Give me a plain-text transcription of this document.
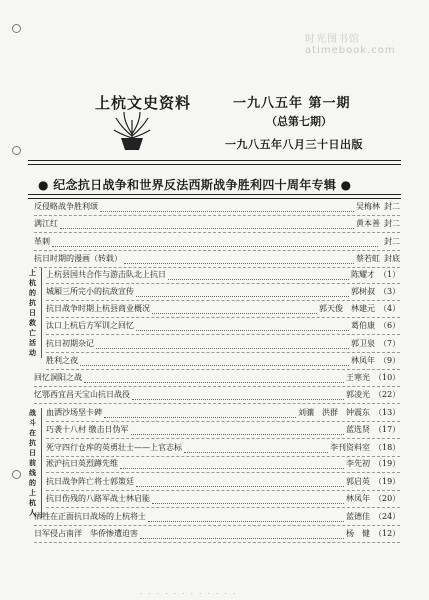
时光图书馆 atimebook.com
上杭文史资料	一九八五年 第一期
（总第七期）
一九八五年八月三十日出版
● 纪念抗日战争和世界反法西斯战争胜利四十周年专辑 ●
上
杭
的
抗
日
救
亡
活
动
战
斗
在
抗
日
前
线
的
上
杭
人
反侵略战争胜利颂	吴梅林 封二
满江红	黄本善 封二
革刺	封二
抗日时期的漫画（转载）	蔡若虹 封底
上杭县国共合作与游击队北上抗日	陈耀才 （1）
城厢三所完小的抗敌宣传	郭树叔 （3）
抗日战争时期上杭县商业概况	郭天俊　林建元 （4）
汰口上杭后方军训之回忆	葛伯康 （6）
抗日初期杂记	郭卫泉 （7）
胜利之夜	林凤年 （9）
回忆洞阳之战	王寒光 （10）
忆鄂西宜昌天宝山抗日战役	郭凌光 （22）
血洒沙场坚卡碑	刘骧　洪群　钟震东 （13）
巧袭十八村 缴击日伪军	蓝选贤 （17）
死守四行仓库的英勇壮士——上官志标	李刊资料室 （18）
淞沪抗日英烈蹲先维	李先初 （19）
抗日战争阵亡将士郭策廷	郭启英 （19）
抗日伤残的八路军战士林启能	林凤年 （20）
牺牲在正面抗日战场的上杭将士	蓝德佳 （24）
日军侵占南洋　华侨惨遭迫害	杨　健 （12）
· · · · · · · · · · · ·
